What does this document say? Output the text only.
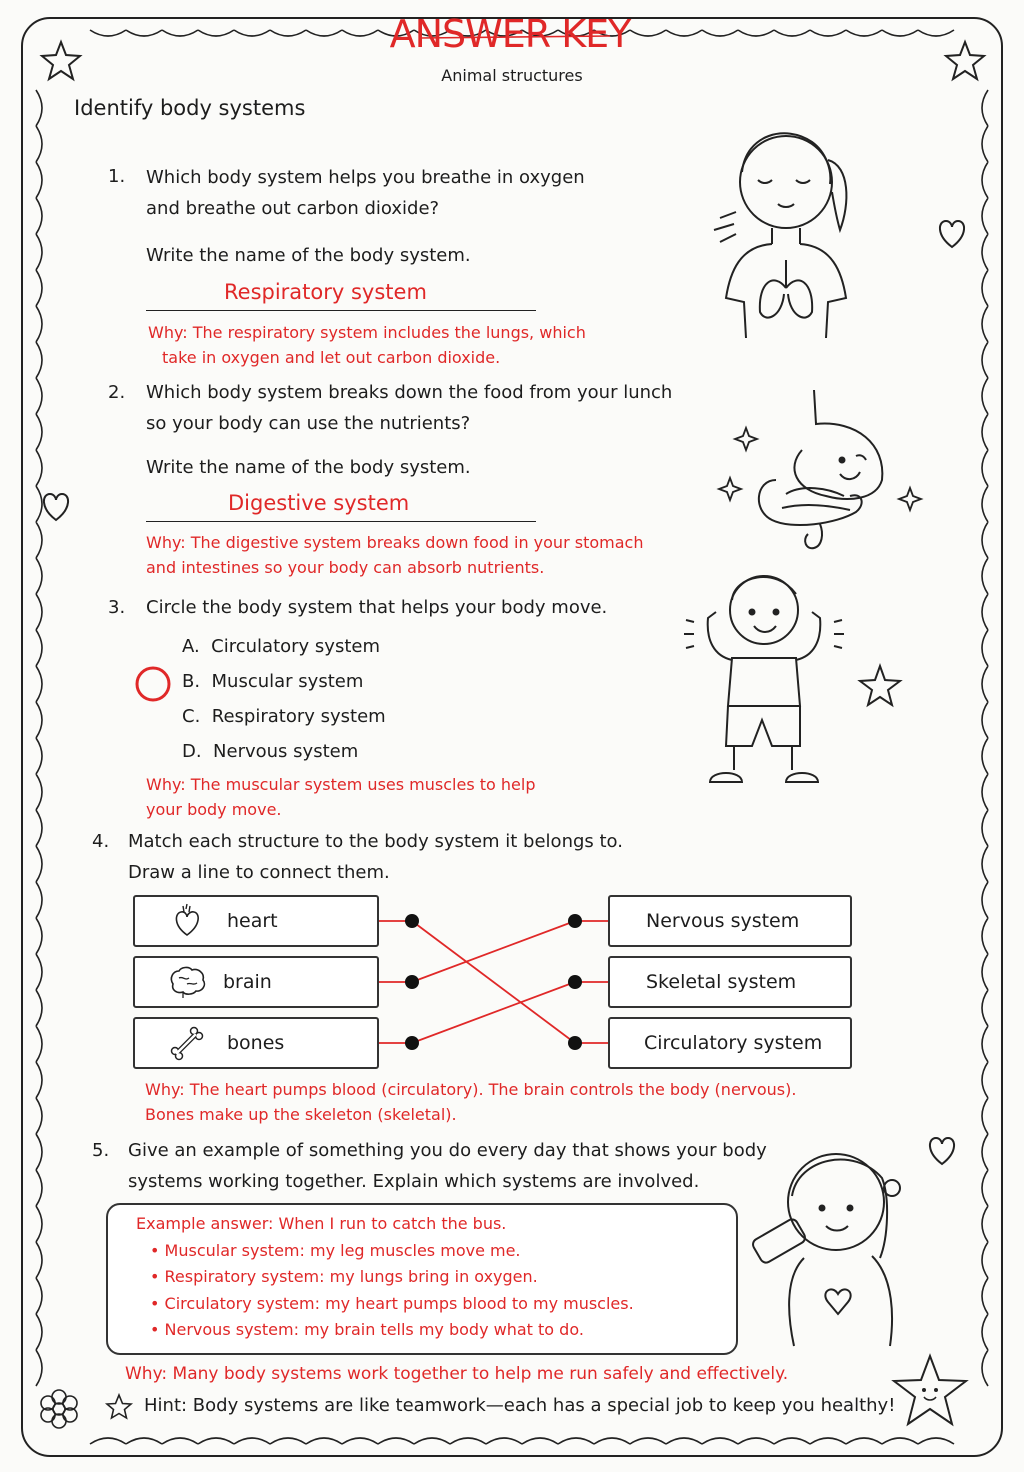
ANSWER KEY
Animal structures
Identify body systems
1. Which body system helps you breathe in oxygen
and breathe out carbon dioxide?
Write the name of the body system.
Respiratory system
Why: The respiratory system includes the lungs, which
take in oxygen and let out carbon dioxide.
2. Which body system breaks down the food from your lunch
so your body can use the nutrients?
Write the name of the body system.
Digestive system
Why: The digestive system breaks down food in your stomach
and intestines so your body can absorb nutrients.
3. Circle the body system that helps your body move.
A. Circulatory system
B. Muscular system
C. Respiratory system
D. Nervous system
Why: The muscular system uses muscles to help
your body move.
4. Match each structure to the body system it belongs to.
Draw a line to connect them.
heart
brain
bones
Nervous system
Skeletal system
Circulatory system
Why: The heart pumps blood (circulatory). The brain controls the body (nervous).
Bones make up the skeleton (skeletal).
5. Give an example of something you do every day that shows your body
systems working together. Explain which systems are involved.
Example answer: When I run to catch the bus.
• Muscular system: my leg muscles move me.
• Respiratory system: my lungs bring in oxygen.
• Circulatory system: my heart pumps blood to my muscles.
• Nervous system: my brain tells my body what to do.
Why: Many body systems work together to help me run safely and effectively.
Hint: Body systems are like teamwork—each has a special job to keep you healthy!
